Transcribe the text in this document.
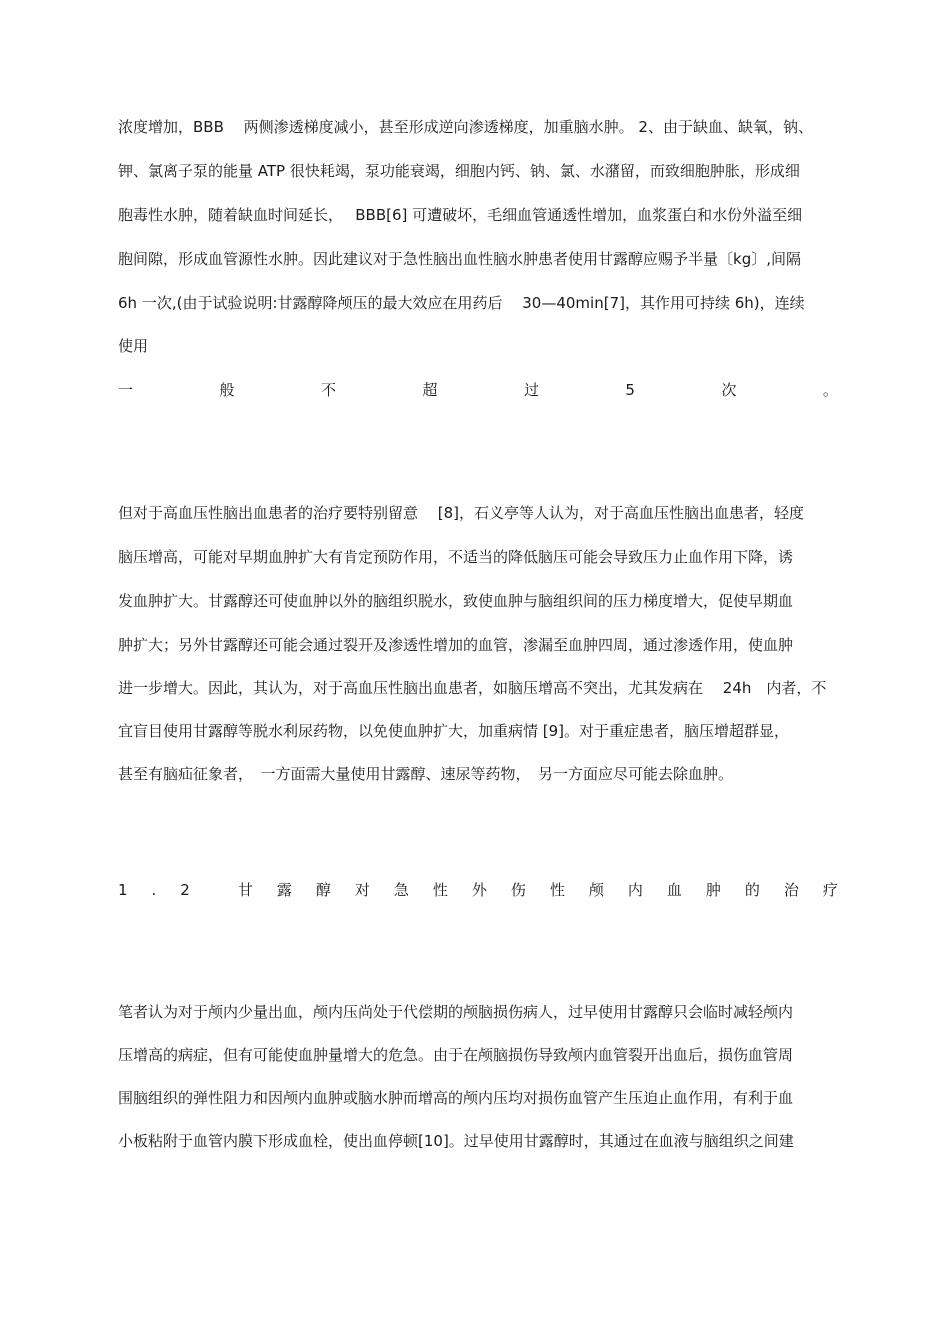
浓度增加，BBB　 两侧渗透梯度减小，甚至形成逆向渗透梯度，加重脑水肿。 2、由于缺血、缺氧，钠、
钾、氯离子泵的能量 ATP 很快耗竭，泵功能衰竭，细胞内钙、钠、氯、水潴留，而致细胞肿胀，形成细
胞毒性水肿，随着缺血时间延长，　 BBB[6] 可遭破坏，毛细血管通透性增加，血浆蛋白和水份外溢至细
胞间隙，形成血管源性水肿。因此建议对于急性脑出血性脑水肿患者使用甘露醇应赐予半量〔kg〕,间隔
6h 一次,(由于试验说明:甘露醇降颅压的最大效应在用药后　 30—40min[7]，其作用可持续 6h)，连续
使用
一	般	不	超	过	5	次	。
但对于高血压性脑出血患者的治疗要特别留意　 [8]，石义亭等人认为，对于高血压性脑出血患者，轻度
脑压增高，可能对早期血肿扩大有肯定预防作用，不适当的降低脑压可能会导致压力止血作用下降，诱
发血肿扩大。甘露醇还可使血肿以外的脑组织脱水，致使血肿与脑组织间的压力梯度增大，促使早期血
肿扩大；另外甘露醇还可能会通过裂开及渗透性增加的血管，渗漏至血肿四周，通过渗透作用，使血肿
进一步增大。因此，其认为，对于高血压性脑出血患者，如脑压增高不突出，尤其发病在　 24h　内者，不
宜盲目使用甘露醇等脱水利尿药物，以免使血肿扩大，加重病情 [9]。对于重症患者，脑压增超群显，
甚至有脑疝征象者，　一方面需大量使用甘露醇、速尿等药物，　另一方面应尽可能去除血肿。
1 . 2	甘 露 醇 对 急 性 外 伤 性 颅 内 血 肿 的 治 疗
笔者认为对于颅内少量出血，颅内压尚处于代偿期的颅脑损伤病人，过早使用甘露醇只会临时减轻颅内
压增高的病症，但有可能使血肿量增大的危急。由于在颅脑损伤导致颅内血管裂开出血后，损伤血管周
围脑组织的弹性阻力和因颅内血肿或脑水肿而增高的颅内压均对损伤血管产生压迫止血作用，有利于血
小板粘附于血管内膜下形成血栓，使出血停顿[10]。过早使用甘露醇时，其通过在血液与脑组织之间建
